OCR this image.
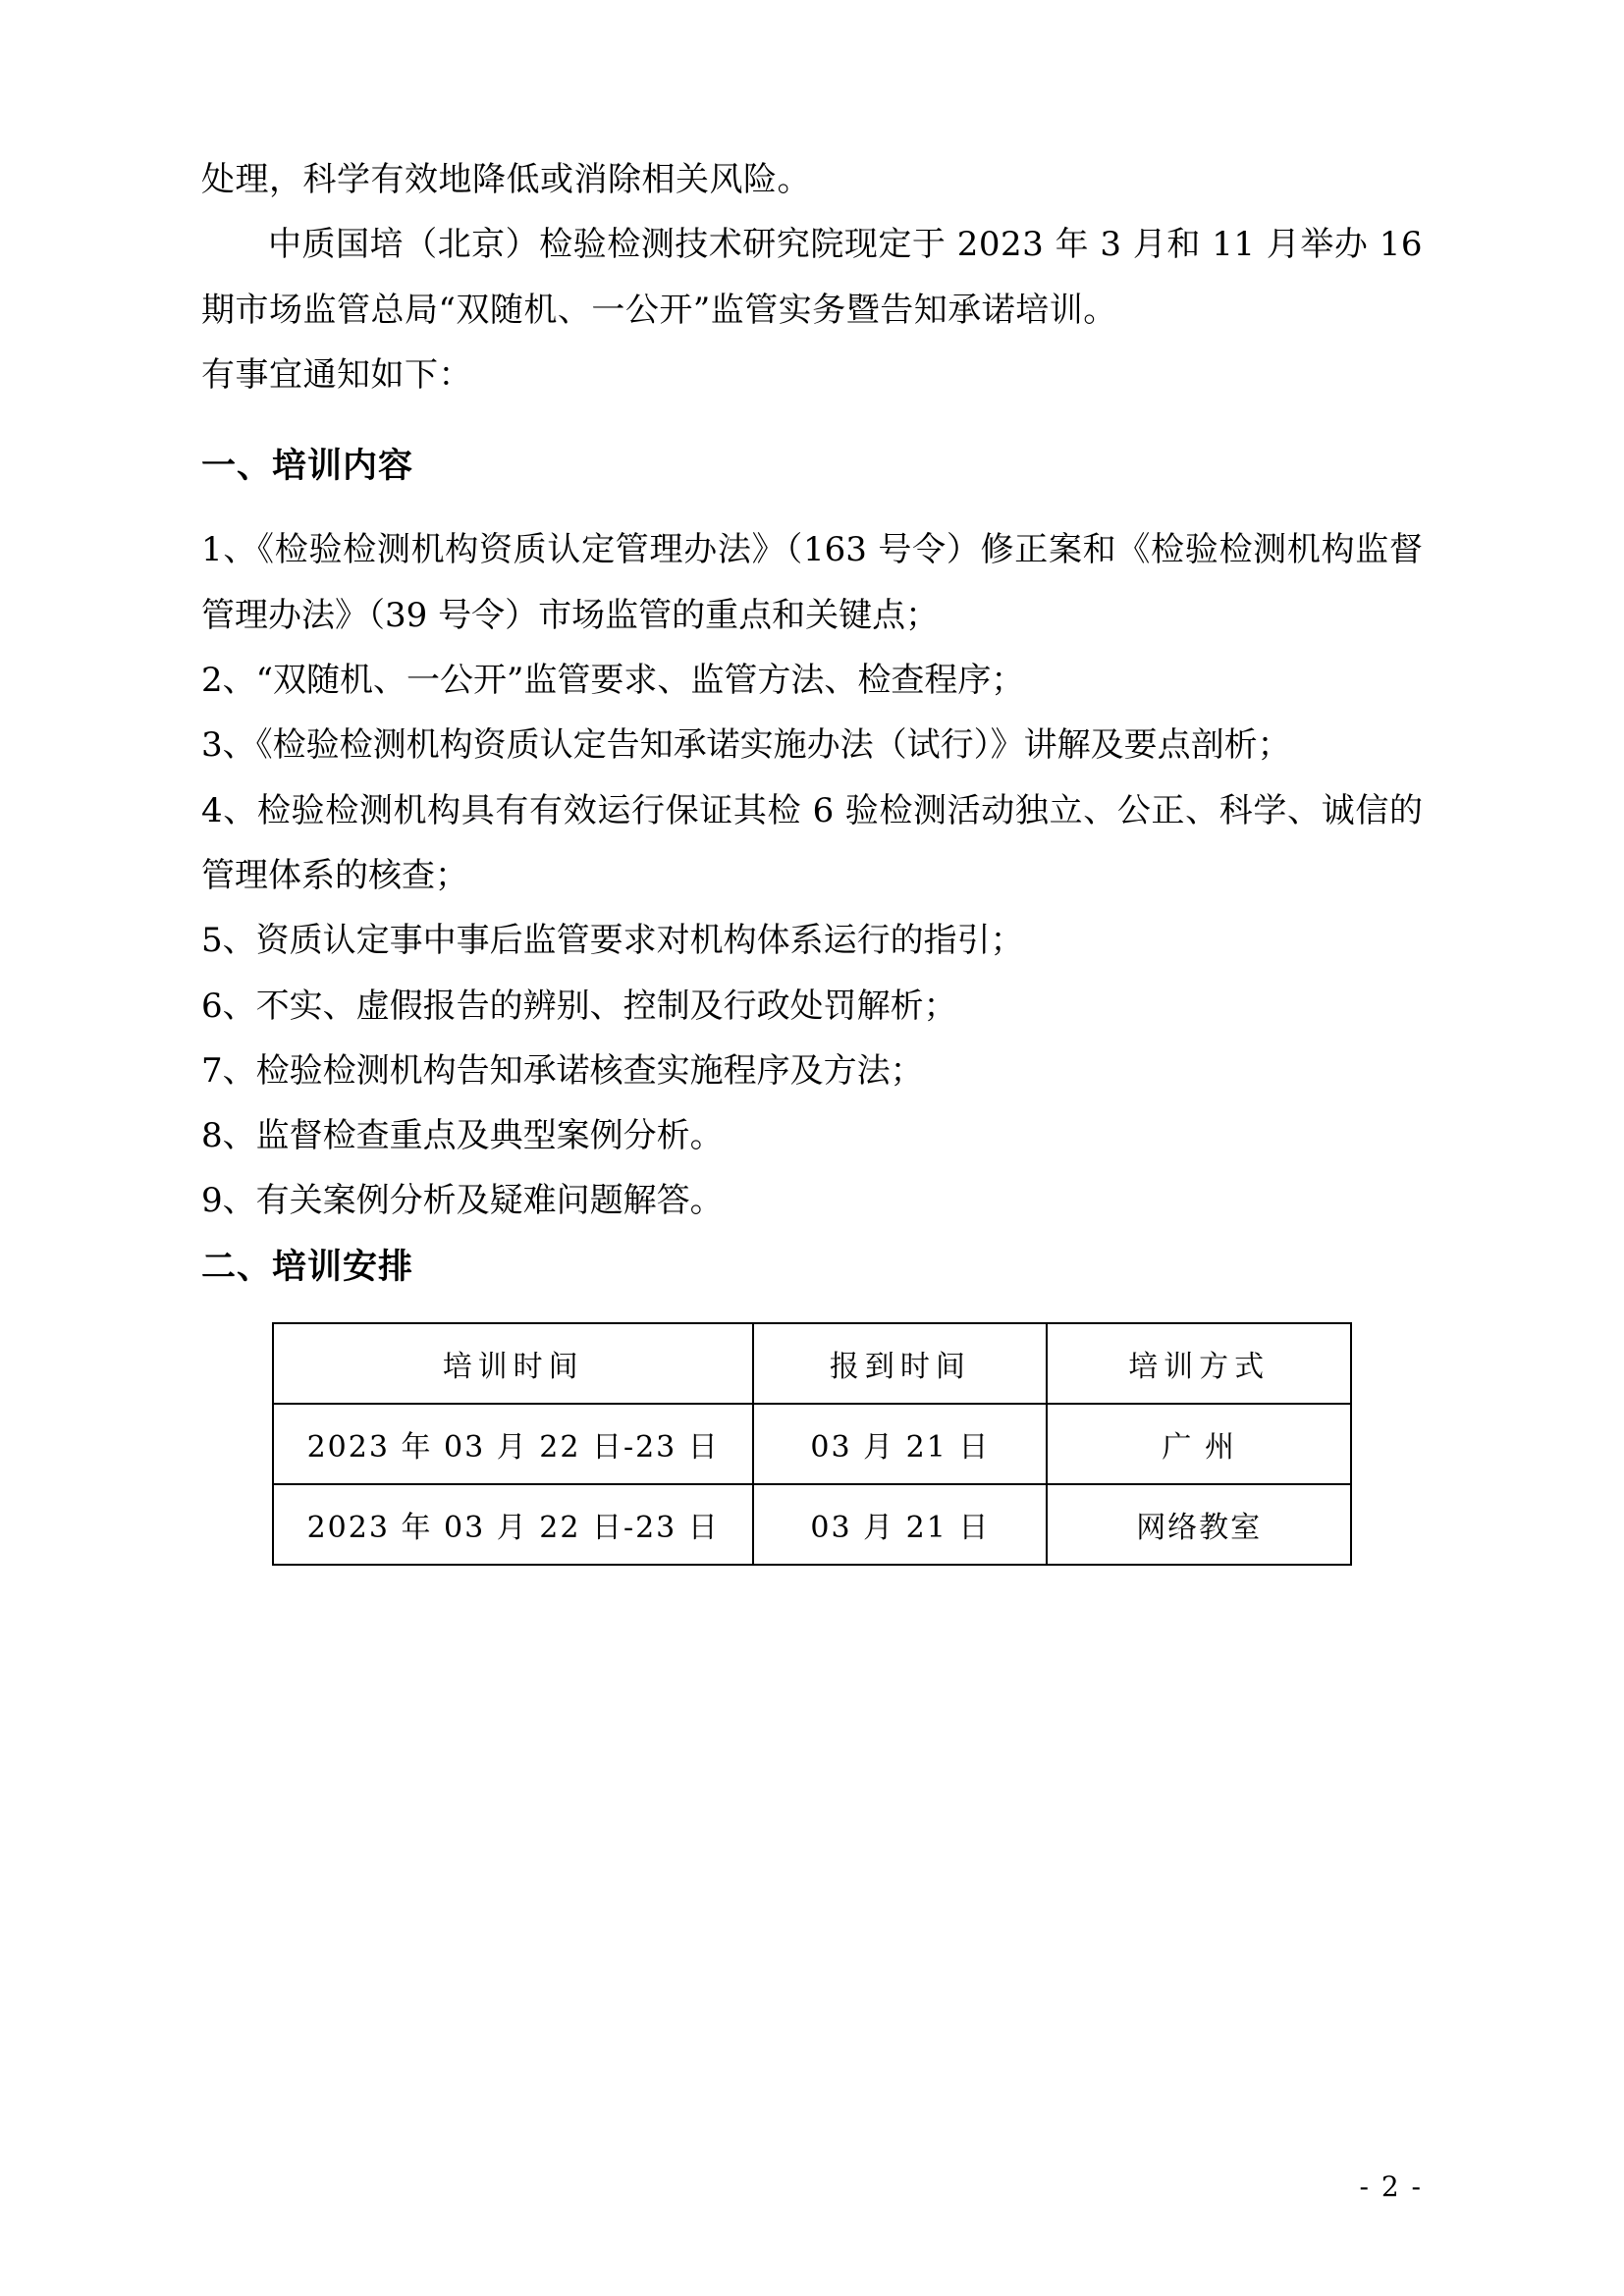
处理，科学有效地降低或消除相关风险。

中质国培（北京）检验检测技术研究院现定于 2023 年 3 月和 11 月举办 16 期市场监管总局“双随机、一公开”监管实务暨告知承诺培训。

有事宜通知如下：

一、培训内容

1、《检验检测机构资质认定管理办法》（163 号令）修正案和《检验检测机构监督管理办法》（39 号令）市场监管的重点和关键点；

2、“双随机、一公开”监管要求、监管方法、检查程序；

3、《检验检测机构资质认定告知承诺实施办法（试行）》讲解及要点剖析；

4、检验检测机构具有有效运行保证其检 6 验检测活动独立、公正、科学、诚信的管理体系的核查；

5、资质认定事中事后监管要求对机构体系运行的指引；

6、不实、虚假报告的辨别、控制及行政处罚解析；

7、检验检测机构告知承诺核查实施程序及方法；

8、监督检查重点及典型案例分析。

9、有关案例分析及疑难问题解答。

二、培训安排

培训时间	报到时间	培训方式
2023 年 03 月 22 日-23 日	03 月 21 日	广 州
2023 年 03 月 22 日-23 日	03 月 21 日	网络教室
- 2 -
